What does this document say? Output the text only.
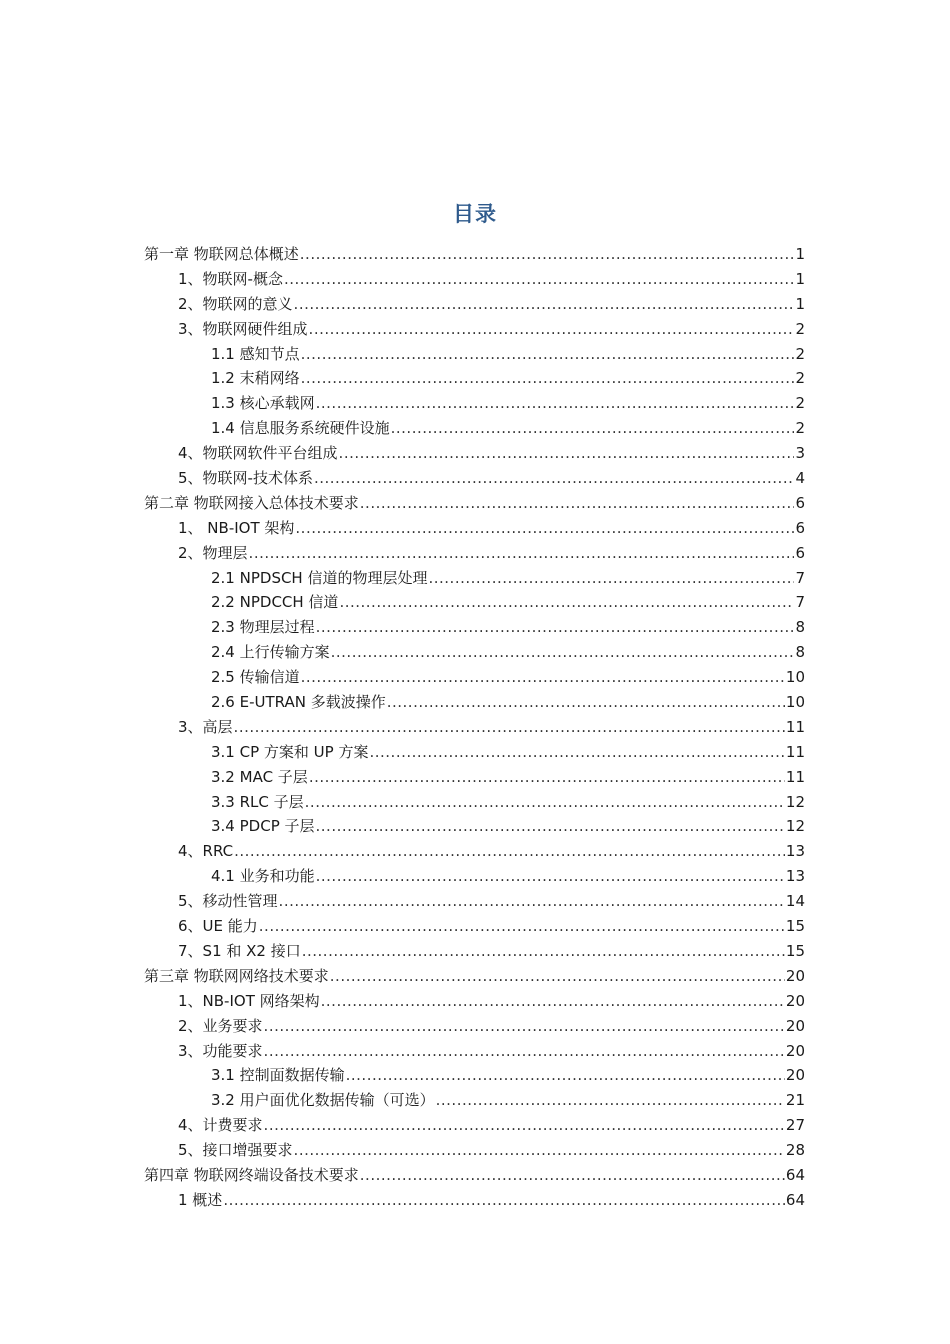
目录
第一章 物联网总体概述 .....	1
1、物联网-概念 .....	1
2、物联网的意义 .....	1
3、物联网硬件组成 .....	2
1.1 感知节点 .....	2
1.2 末稍网络 .....	2
1.3 核心承载网 .....	2
1.4 信息服务系统硬件设施 .....	2
4、物联网软件平台组成 .....	3
5、物联网-技术体系 .....	4
第二章 物联网接入总体技术要求 .....	6
1、 NB-IOT 架构 .....	6
2、物理层 .....	6
2.1 NPDSCH 信道的物理层处理 .....	7
2.2 NPDCCH 信道 .....	7
2.3 物理层过程 .....	8
2.4 上行传输方案 .....	8
2.5 传输信道 .....	10
2.6 E-UTRAN 多载波操作 .....	10
3、高层 .....	11
3.1 CP 方案和 UP 方案 .....	11
3.2 MAC 子层 .....	11
3.3 RLC 子层 .....	12
3.4 PDCP 子层 .....	12
4、RRC .....	13
4.1 业务和功能 .....	13
5、移动性管理 .....	14
6、UE 能力 .....	15
7、S1 和 X2 接口 .....	15
第三章 物联网网络技术要求 .....	20
1、NB-IOT 网络架构 .....	20
2、业务要求 .....	20
3、功能要求 .....	20
3.1 控制面数据传输 .....	20
3.2 用户面优化数据传输（可选） .....	21
4、计费要求 .....	27
5、接口增强要求 .....	28
第四章 物联网终端设备技术要求 .....	64
1 概述 .....	64
